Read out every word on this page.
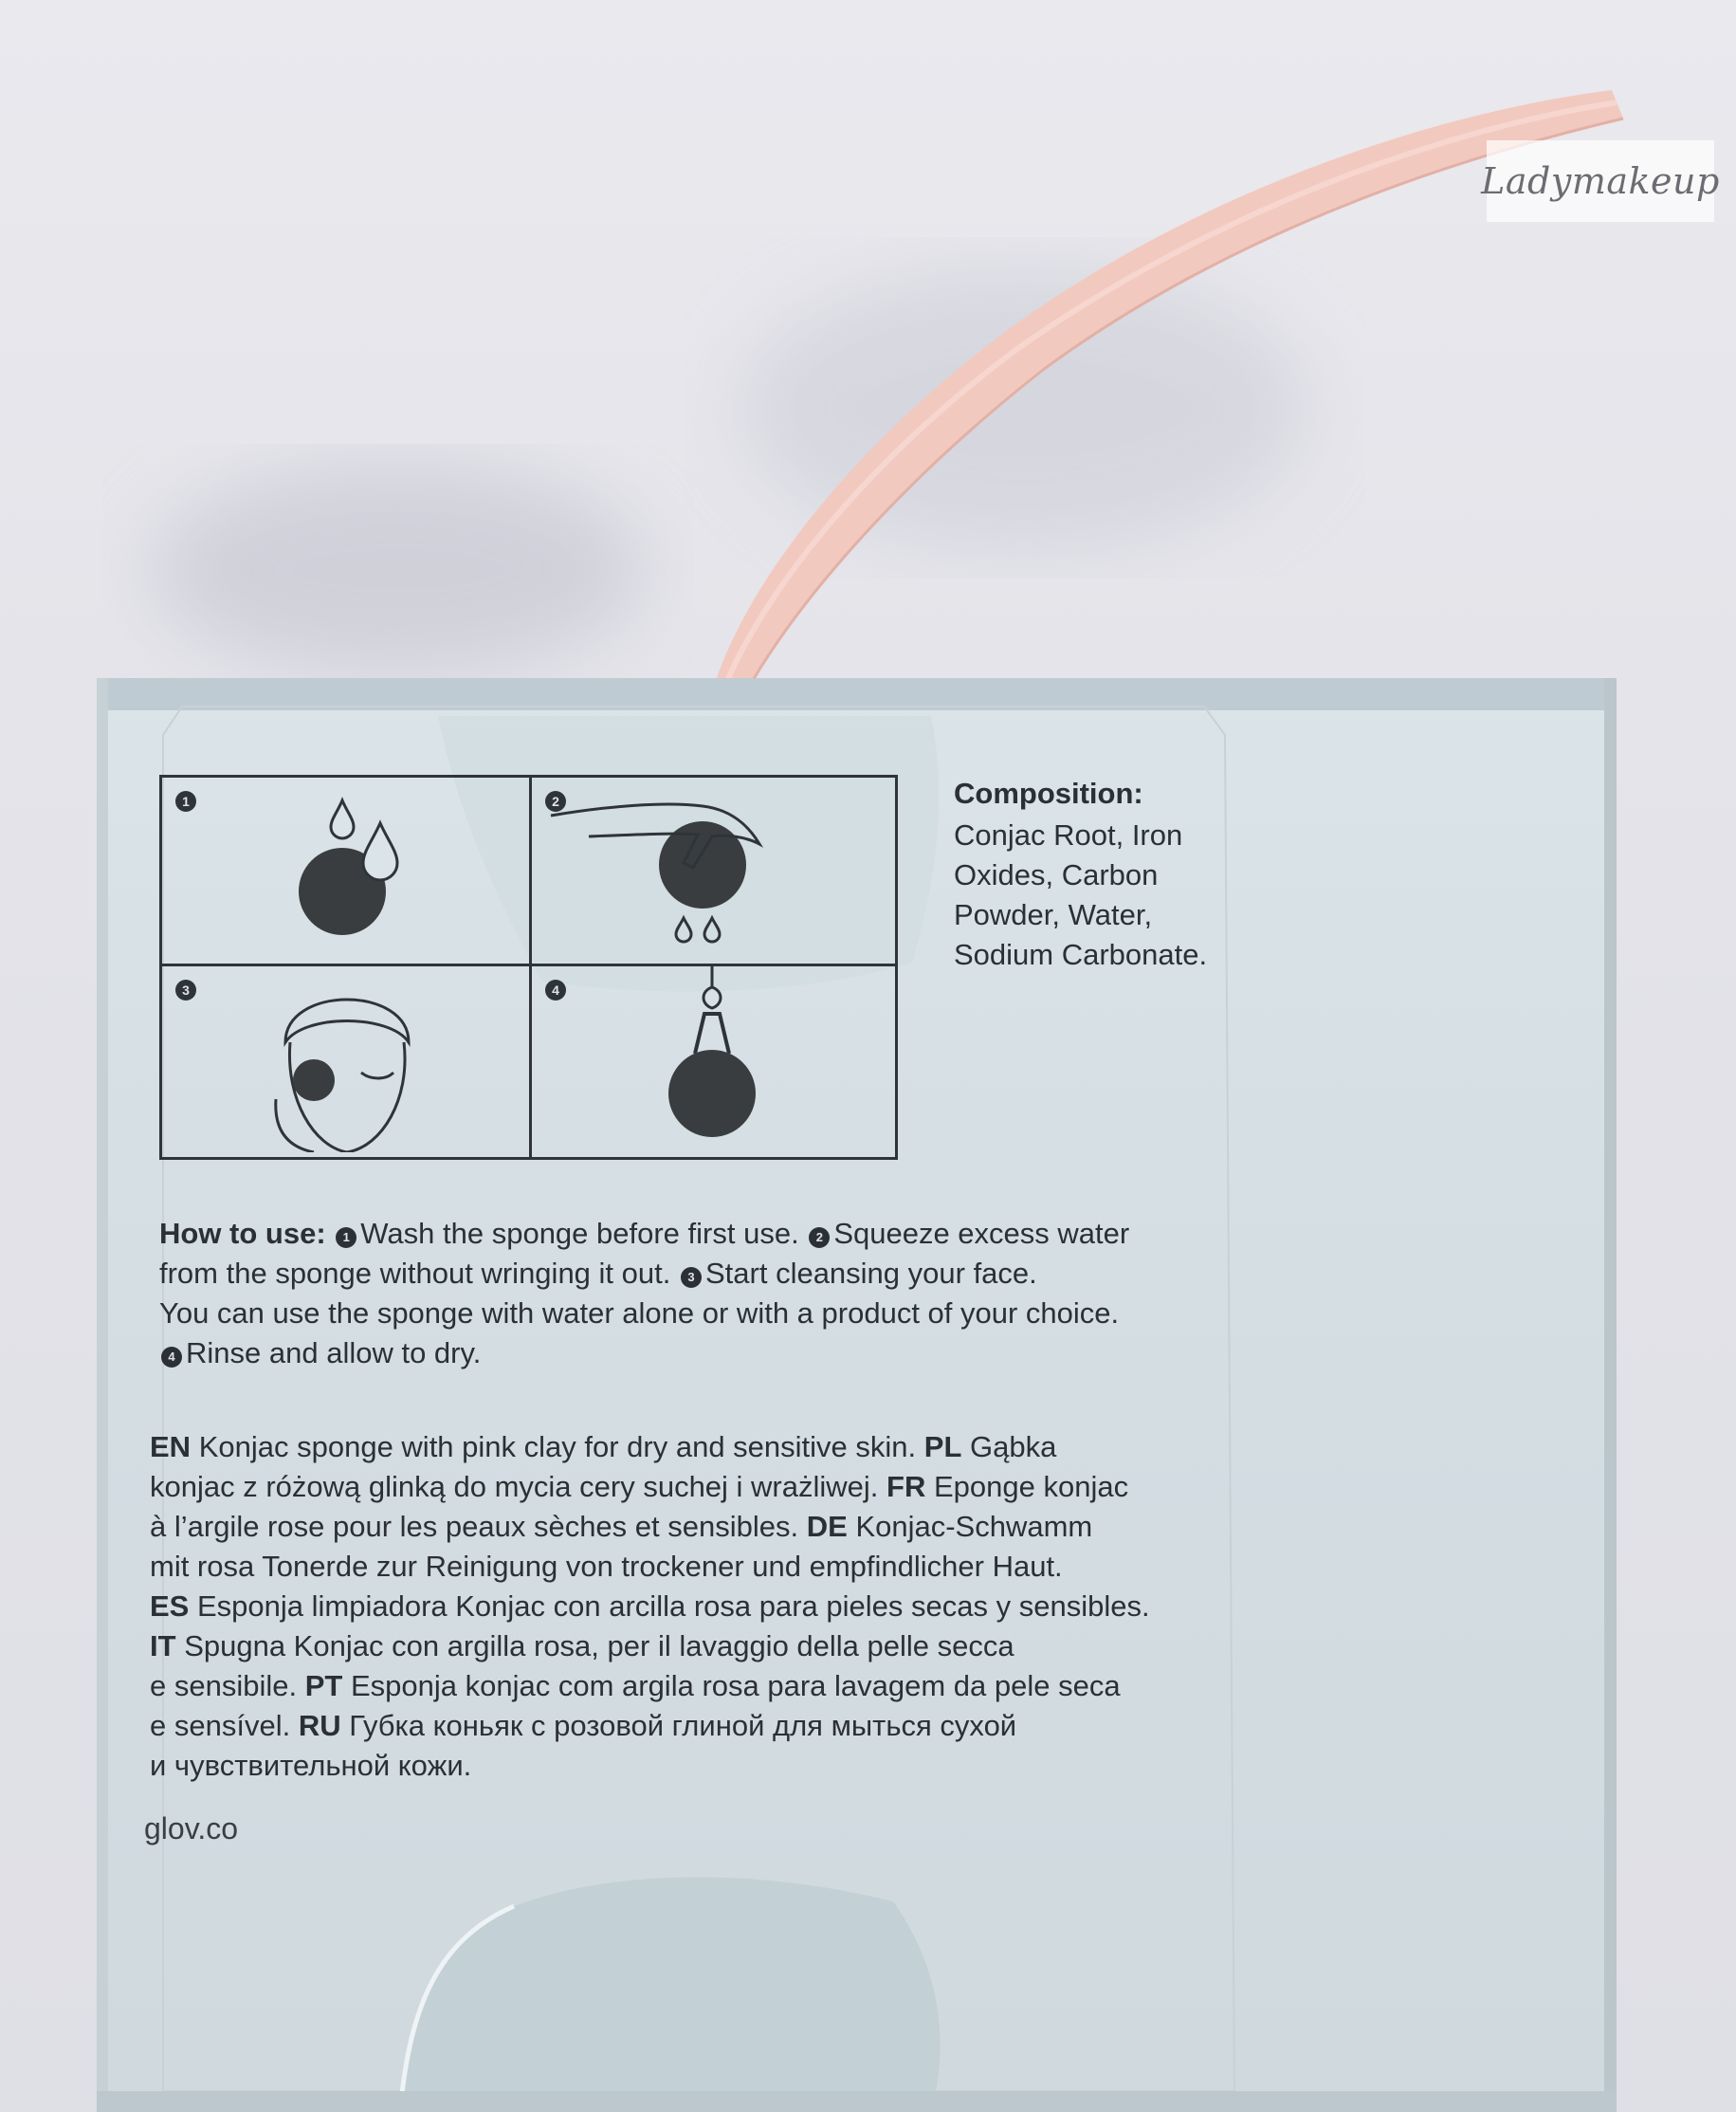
Ladymakeup
1	2
3	4
Composition:
Conjac Root, Iron
Oxides, Carbon
Powder, Water,
Sodium Carbonate.
How to use: 1 Wash the sponge before first use. 2 Squeeze excess water
from the sponge without wringing it out. 3 Start cleansing your face.
You can use the sponge with water alone or with a product of your choice.
4 Rinse and allow to dry.
EN Konjac sponge with pink clay for dry and sensitive skin. PL Gąbka
konjac z różową glinką do mycia cery suchej i wrażliwej. FR Eponge konjac
à l’argile rose pour les peaux sèches et sensibles. DE Konjac-Schwamm
mit rosa Tonerde zur Reinigung von trockener und empfindlicher Haut.
ES Esponja limpiadora Konjac con arcilla rosa para pieles secas y sensibles.
IT Spugna Konjac con argilla rosa, per il lavaggio della pelle secca
e sensibile. PT Esponja konjac com argila rosa para lavagem da pele seca
e sensível. RU Губка коньяк с розовой глиной для мыться сухой
и чувствительной кожи.
glov.co
